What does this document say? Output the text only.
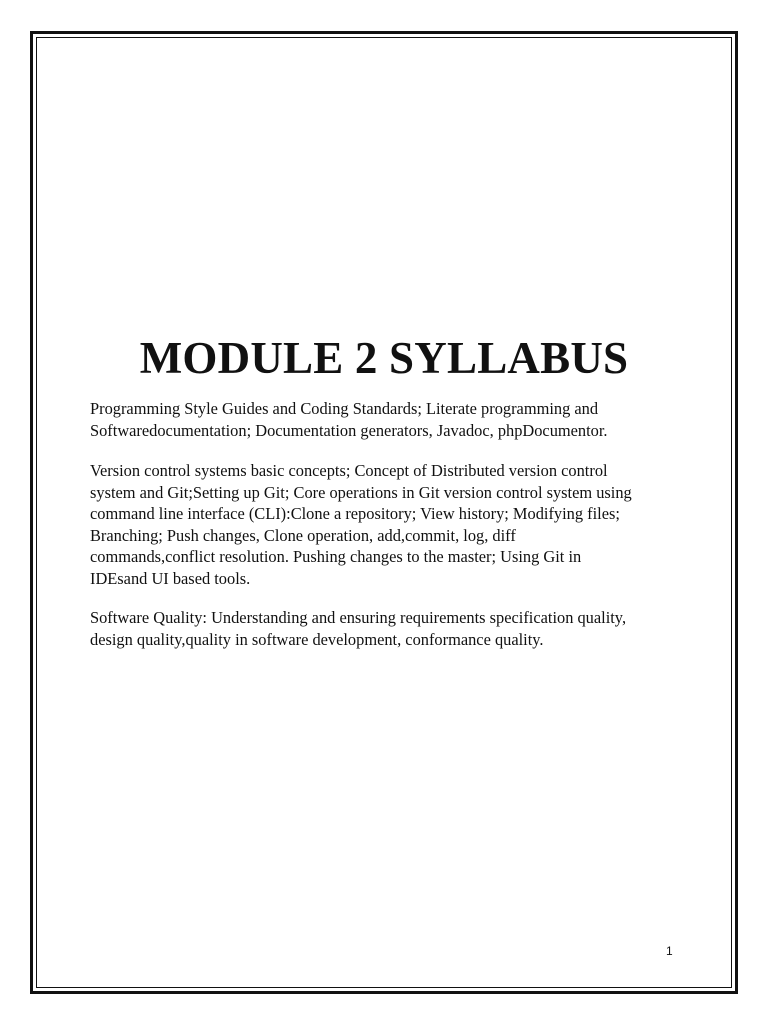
MODULE 2 SYLLABUS

Programming Style Guides and Coding Standards; Literate programming and
Softwaredocumentation; Documentation generators, Javadoc, phpDocumentor.

Version control systems basic concepts; Concept of Distributed version control
system and Git;Setting up Git; Core operations in Git version control system using
command line interface (CLI):Clone a repository; View history; Modifying files;
Branching; Push changes, Clone operation, add,commit, log, diff
commands,conflict resolution. Pushing changes to the master; Using Git in
IDEsand UI based tools.

Software Quality: Understanding and ensuring requirements specification quality,
design quality,quality in software development, conformance quality.

1
